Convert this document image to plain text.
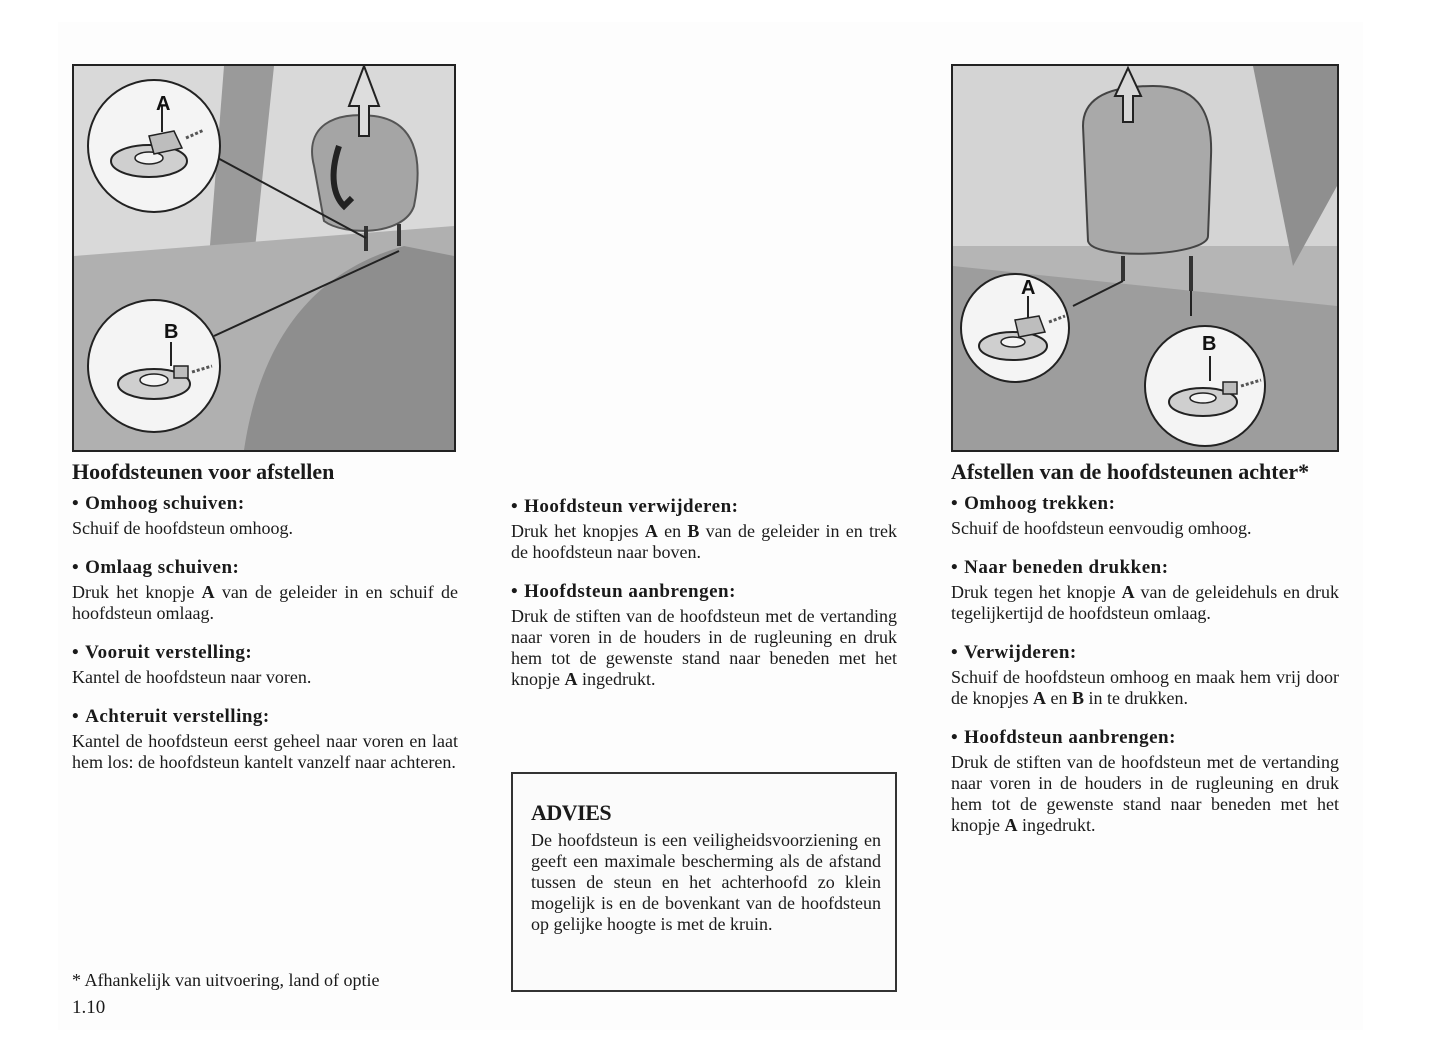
A
B
Hoofdsteunen voor afstellen

• Omhoog schuiven:

Schuif de hoofdsteun omhoog.

• Omlaag schuiven:

Druk het knopje A van de geleider in en schuif de hoofdsteun omlaag.

• Vooruit verstelling:

Kantel de hoofdsteun naar voren.

• Achteruit verstelling:

Kantel de hoofdsteun eerst geheel naar voren en laat hem los: de hoofdsteun kantelt vanzelf naar achteren.

• Hoofdsteun verwijderen:

Druk het knopjes A en B van de geleider in en trek de hoofdsteun naar boven.

• Hoofdsteun aanbrengen:

Druk de stiften van de hoofdsteun met de vertanding naar voren in de houders in de rugleuning en druk hem tot de gewenste stand naar beneden met het knopje A ingedrukt.

ADVIES

De hoofdsteun is een veiligheidsvoorziening en geeft een maximale bescherming als de afstand tussen de steun en het achterhoofd zo klein mogelijk is en de bovenkant van de hoofdsteun op gelijke hoogte is met de kruin.

A
B
Afstellen van de hoofdsteunen achter*

• Omhoog trekken:

Schuif de hoofdsteun eenvoudig omhoog.

• Naar beneden drukken:

Druk tegen het knopje A van de geleidehuls en druk tegelijkertijd de hoofdsteun omlaag.

• Verwijderen:

Schuif de hoofdsteun omhoog en maak hem vrij door de knopjes A en B in te drukken.

• Hoofdsteun aanbrengen:

Druk de stiften van de hoofdsteun met de vertanding naar voren in de houders in de rugleuning en druk hem tot de gewenste stand naar beneden met het knopje A ingedrukt.

* Afhankelijk van uitvoering, land of optie
1.10
